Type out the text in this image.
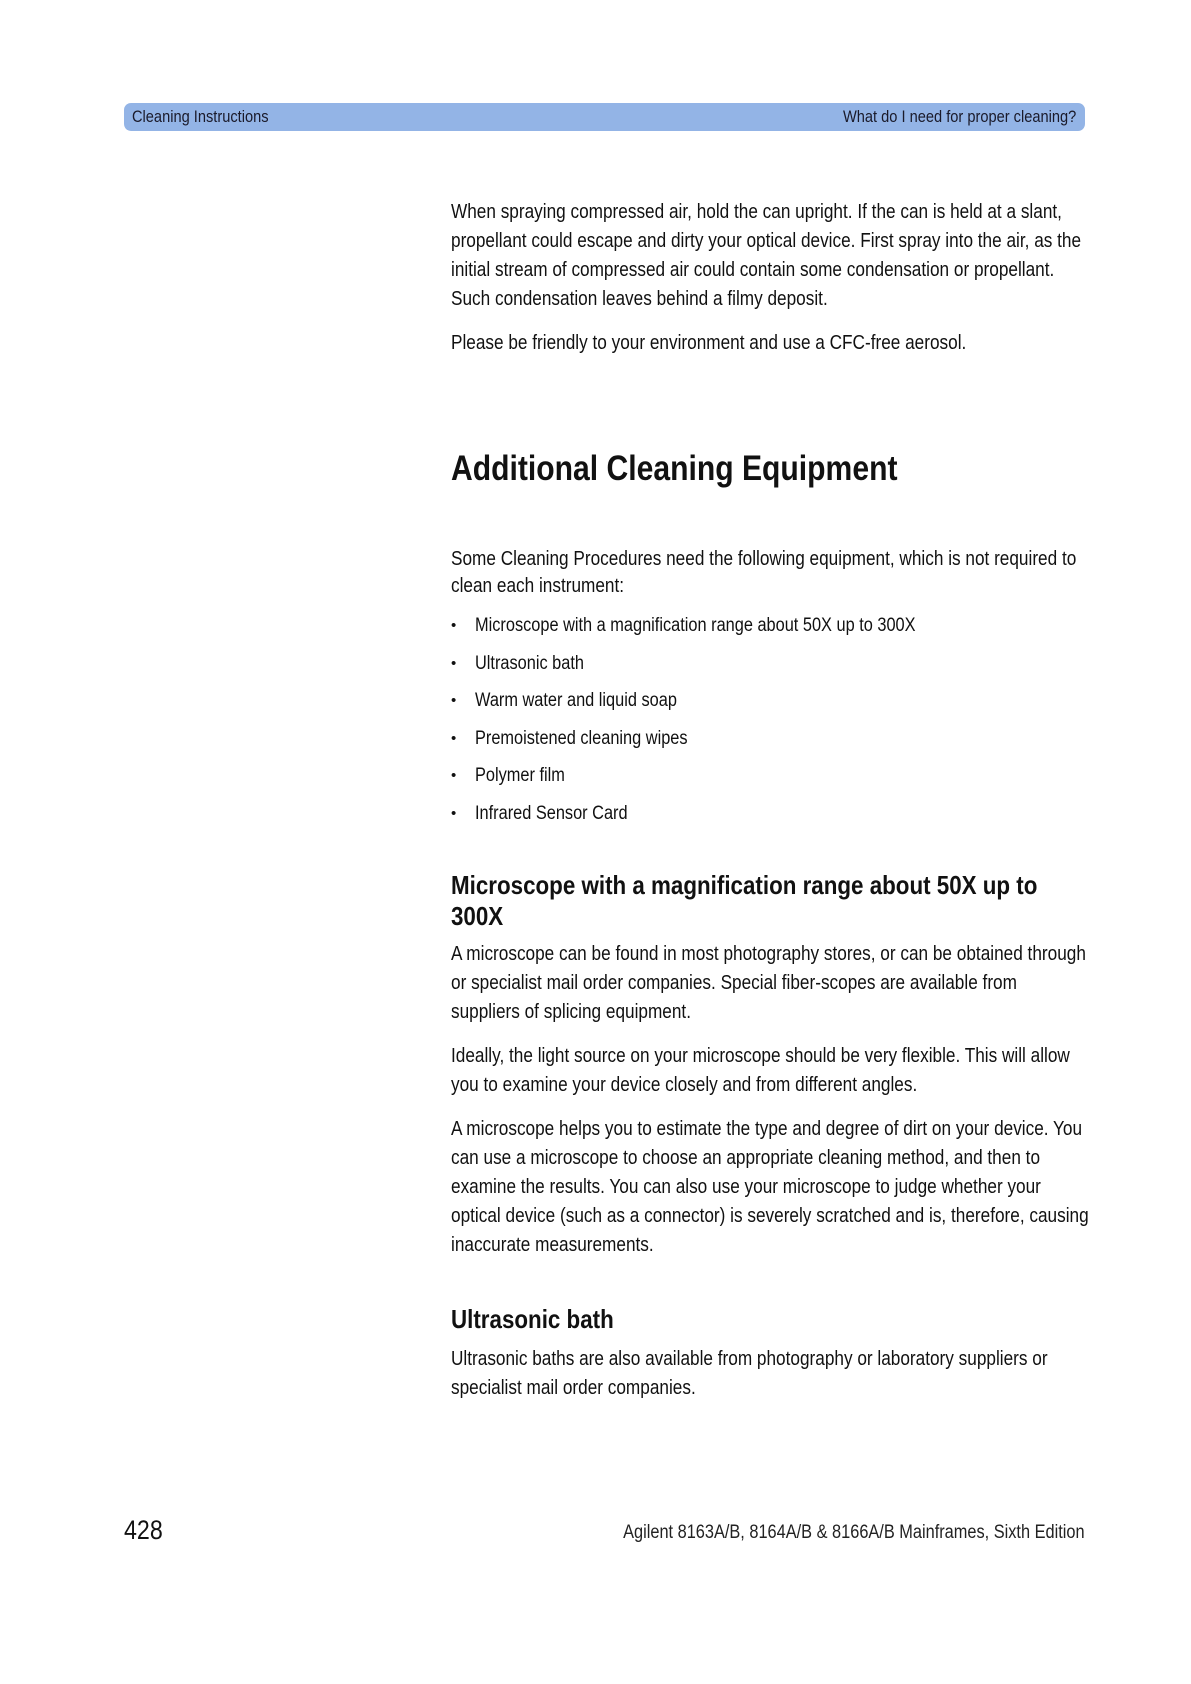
Cleaning Instructions	What do I need for proper cleaning?

When spraying compressed air, hold the can upright. If the can is held at a slant, propellant could escape and dirty your optical device. First spray into the air, as the initial stream of compressed air could contain some condensation or propellant. Such condensation leaves behind a filmy deposit.

Please be friendly to your environment and use a CFC-free aerosol.

Additional Cleaning Equipment

Some Cleaning Procedures need the following equipment, which is not required to clean each instrument:

• Microscope with a magnification range about 50X up to 300X
• Ultrasonic bath
• Warm water and liquid soap
• Premoistened cleaning wipes
• Polymer film
• Infrared Sensor Card
Microscope with a magnification range about 50X up to 300X

A microscope can be found in most photography stores, or can be obtained through or specialist mail order companies. Special fiber-scopes are available from suppliers of splicing equipment.

Ideally, the light source on your microscope should be very flexible. This will allow you to examine your device closely and from different angles.

A microscope helps you to estimate the type and degree of dirt on your device. You can use a microscope to choose an appropriate cleaning method, and then to examine the results. You can also use your microscope to judge whether your optical device (such as a connector) is severely scratched and is, therefore, causing inaccurate measurements.

Ultrasonic bath

Ultrasonic baths are also available from photography or laboratory suppliers or specialist mail order companies.

428	Agilent 8163A/B, 8164A/B & 8166A/B Mainframes, Sixth Edition
